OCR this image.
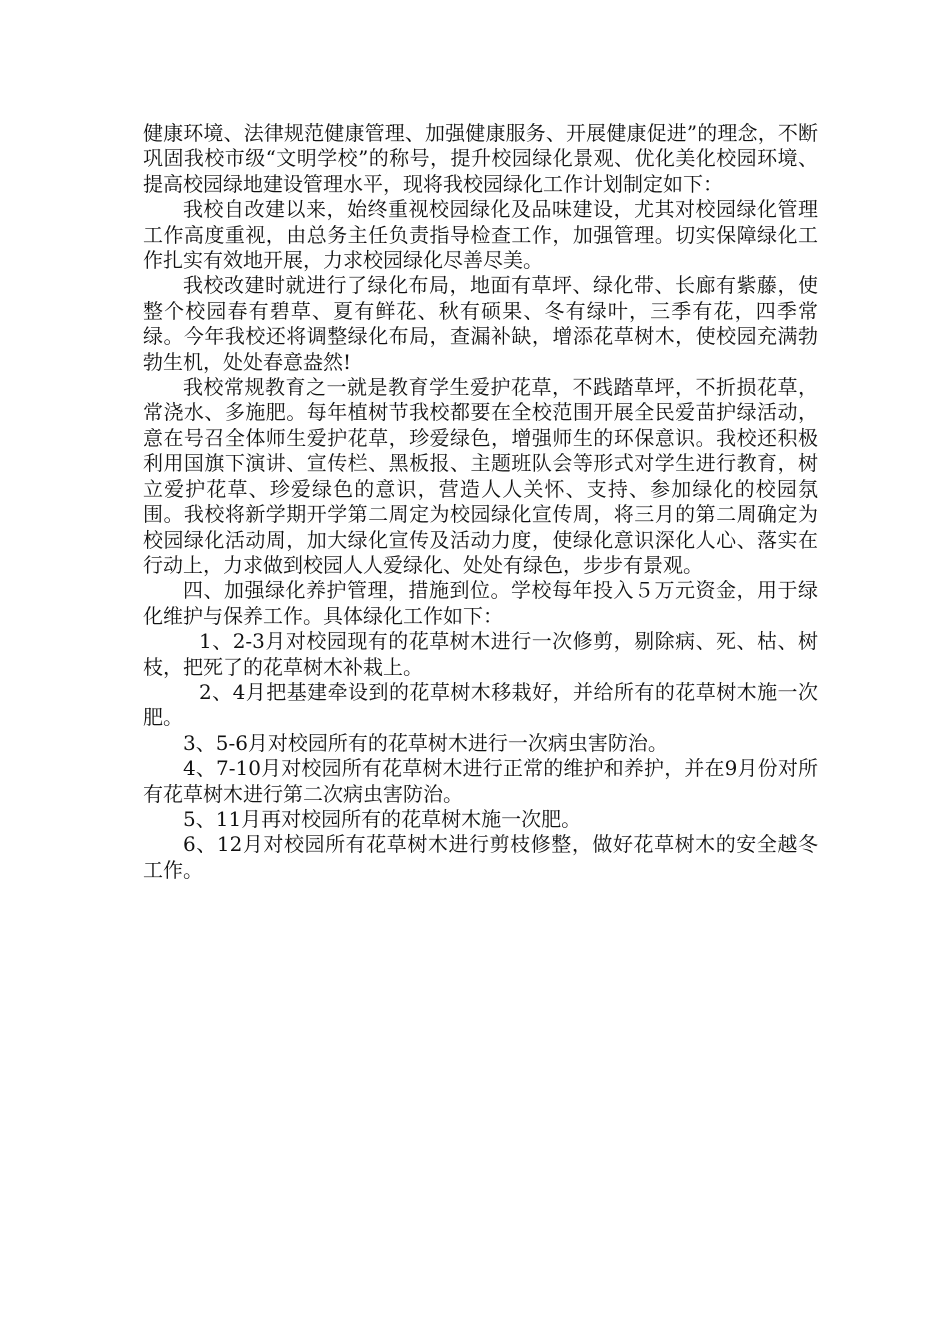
健康环境、法律规范健康管理、加强健康服务、开展健康促进”的理念，不断巩固我校市级“文明学校”的称号，提升校园绿化景观、优化美化校园环境、提高校园绿地建设管理水平，现将我校园绿化工作计划制定如下：

我校自改建以来，始终重视校园绿化及品味建设，尤其对校园绿化管理工作高度重视，由总务主任负责指导检查工作，加强管理。切实保障绿化工作扎实有效地开展，力求校园绿化尽善尽美。

我校改建时就进行了绿化布局，地面有草坪、绿化带、长廊有紫藤，使整个校园春有碧草、夏有鲜花、秋有硕果、冬有绿叶，三季有花，四季常绿。今年我校还将调整绿化布局，查漏补缺，增添花草树木，使校园充满勃勃生机，处处春意盎然!

我校常规教育之一就是教育学生爱护花草，不践踏草坪，不折损花草，常浇水、多施肥。每年植树节我校都要在全校范围开展全民爱苗护绿活动，意在号召全体师生爱护花草，珍爱绿色，增强师生的环保意识。我校还积极利用国旗下演讲、宣传栏、黑板报、主题班队会等形式对学生进行教育，树立爱护花草、珍爱绿色的意识，营造人人关怀、支持、参加绿化的校园氛围。我校将新学期开学第二周定为校园绿化宣传周，将三月的第二周确定为校园绿化活动周，加大绿化宣传及活动力度，使绿化意识深化人心、落实在行动上，力求做到校园人人爱绿化、处处有绿色，步步有景观。

四、加强绿化养护管理，措施到位。学校每年投入５万元资金，用于绿化维护与保养工作。具体绿化工作如下：

1、2-3月对校园现有的花草树木进行一次修剪，剔除病、死、枯、树枝，把死了的花草树木补栽上。

2、4月把基建牵设到的花草树木移栽好，并给所有的花草树木施一次肥。

3、5-6月对校园所有的花草树木进行一次病虫害防治。

4、7-10月对校园所有花草树木进行正常的维护和养护，并在9月份对所有花草树木进行第二次病虫害防治。

5、11月再对校园所有的花草树木施一次肥。

6、12月对校园所有花草树木进行剪枝修整，做好花草树木的安全越冬工作。
